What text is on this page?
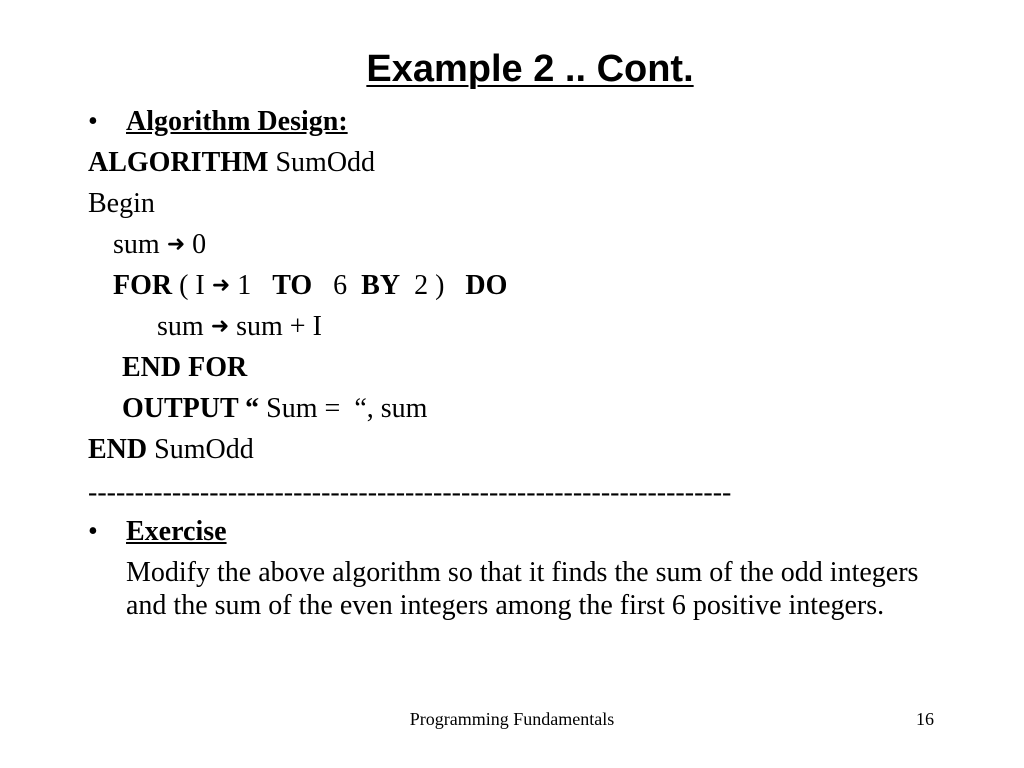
Example 2 .. Cont.
• Algorithm Design:
ALGORITHM SumOdd
Begin
sum ➜ 0
FOR ( I ➜ 1   TO   6  BY  2 )   DO
sum ➜ sum + I
END FOR
OUTPUT “ Sum =  “, sum
END SumOdd
---------------------------------------------------------------------
• Exercise
Modify the above algorithm so that it finds the sum of the odd integers and the sum of the even integers among the first 6 positive integers.
Programming Fundamentals	16
